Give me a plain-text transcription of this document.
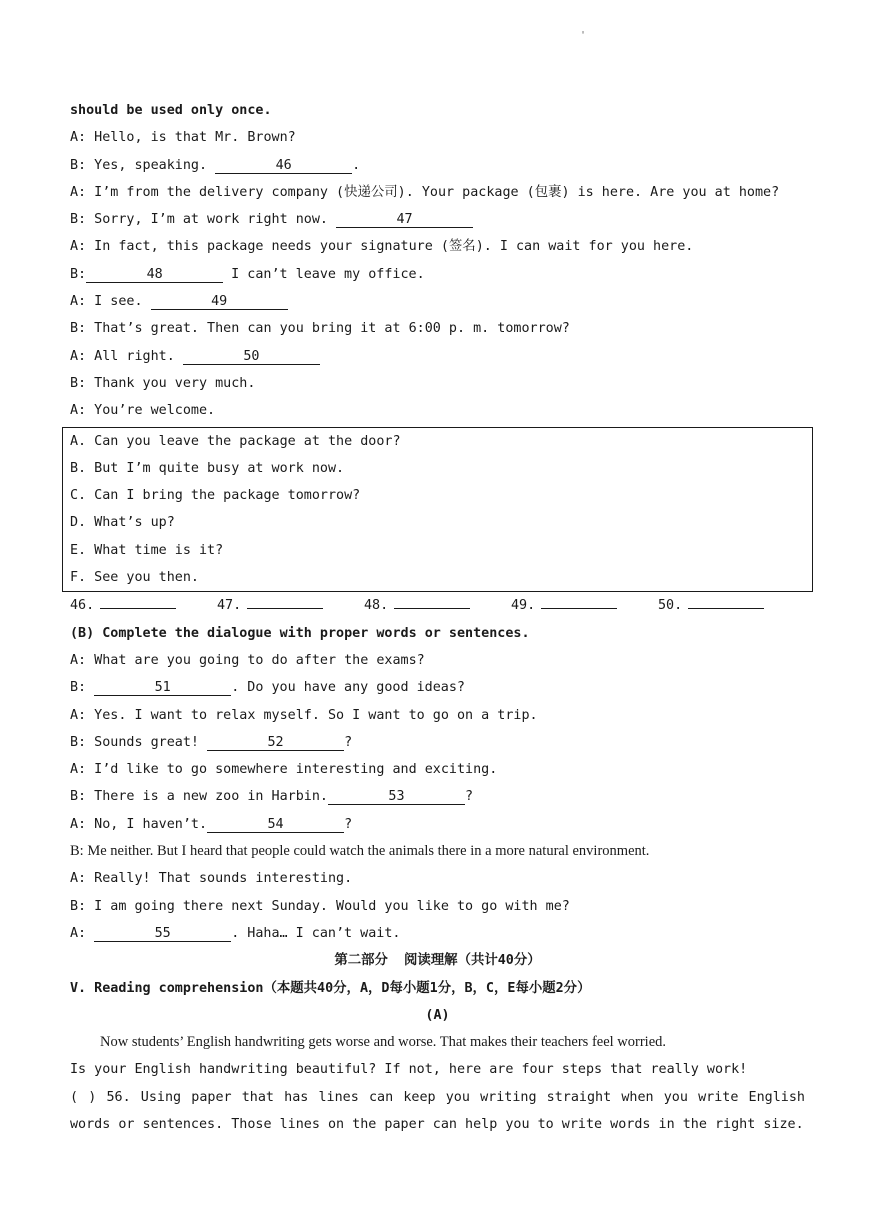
'
should be used only once.
A: Hello, is that Mr. Brown?
B: Yes, speaking.	46	.
A: I’m from the delivery company (快递公司). Your package (包裹) is here. Are you at home?
B: Sorry, I’m at work right now.	47
A: In fact, this package needs your signature (签名). I can wait for you here.
B:	48	I can’t leave my office.
A: I see.	49
B: That’s great. Then can you bring it at 6:00 p. m. tomorrow?
A: All right.	50
B: Thank you very much.
A: You’re welcome.
A. Can you leave the package at the door?
B. But I’m quite busy at work now.
C. Can I bring the package tomorrow?
D. What’s up?
E. What time is it?
F. See you then.
46.	47.	48.	49.	50.
(B) Complete the dialogue with proper words or sentences.
A: What are you going to do after the exams?
B:	51	. Do you have any good ideas?
A: Yes. I want to relax myself. So I want to go on a trip.
B: Sounds great!	52	?
A: I’d like to go somewhere interesting and exciting.
B: There is a new zoo in Harbin.	53	?
A: No, I haven’t.	54	?
B: Me neither. But I heard that people could watch the animals there in a more natural environment.
A: Really! That sounds interesting.
B: I am going there next Sunday. Would you like to go with me?
A:	55	. Haha… I can’t wait.
第二部分  阅读理解（共计40分）
V. Reading comprehension（本题共40分，A，D每小题1分，B，C，E每小题2分）
(A)
Now students’ English handwriting gets worse and worse. That makes their teachers feel worried.
Is your English handwriting beautiful? If not, here are four steps that really work!
( ) 56. Using paper that has lines can keep you writing straight when you write English words or sentences. Those lines on the paper can help you to write words in the right size.
